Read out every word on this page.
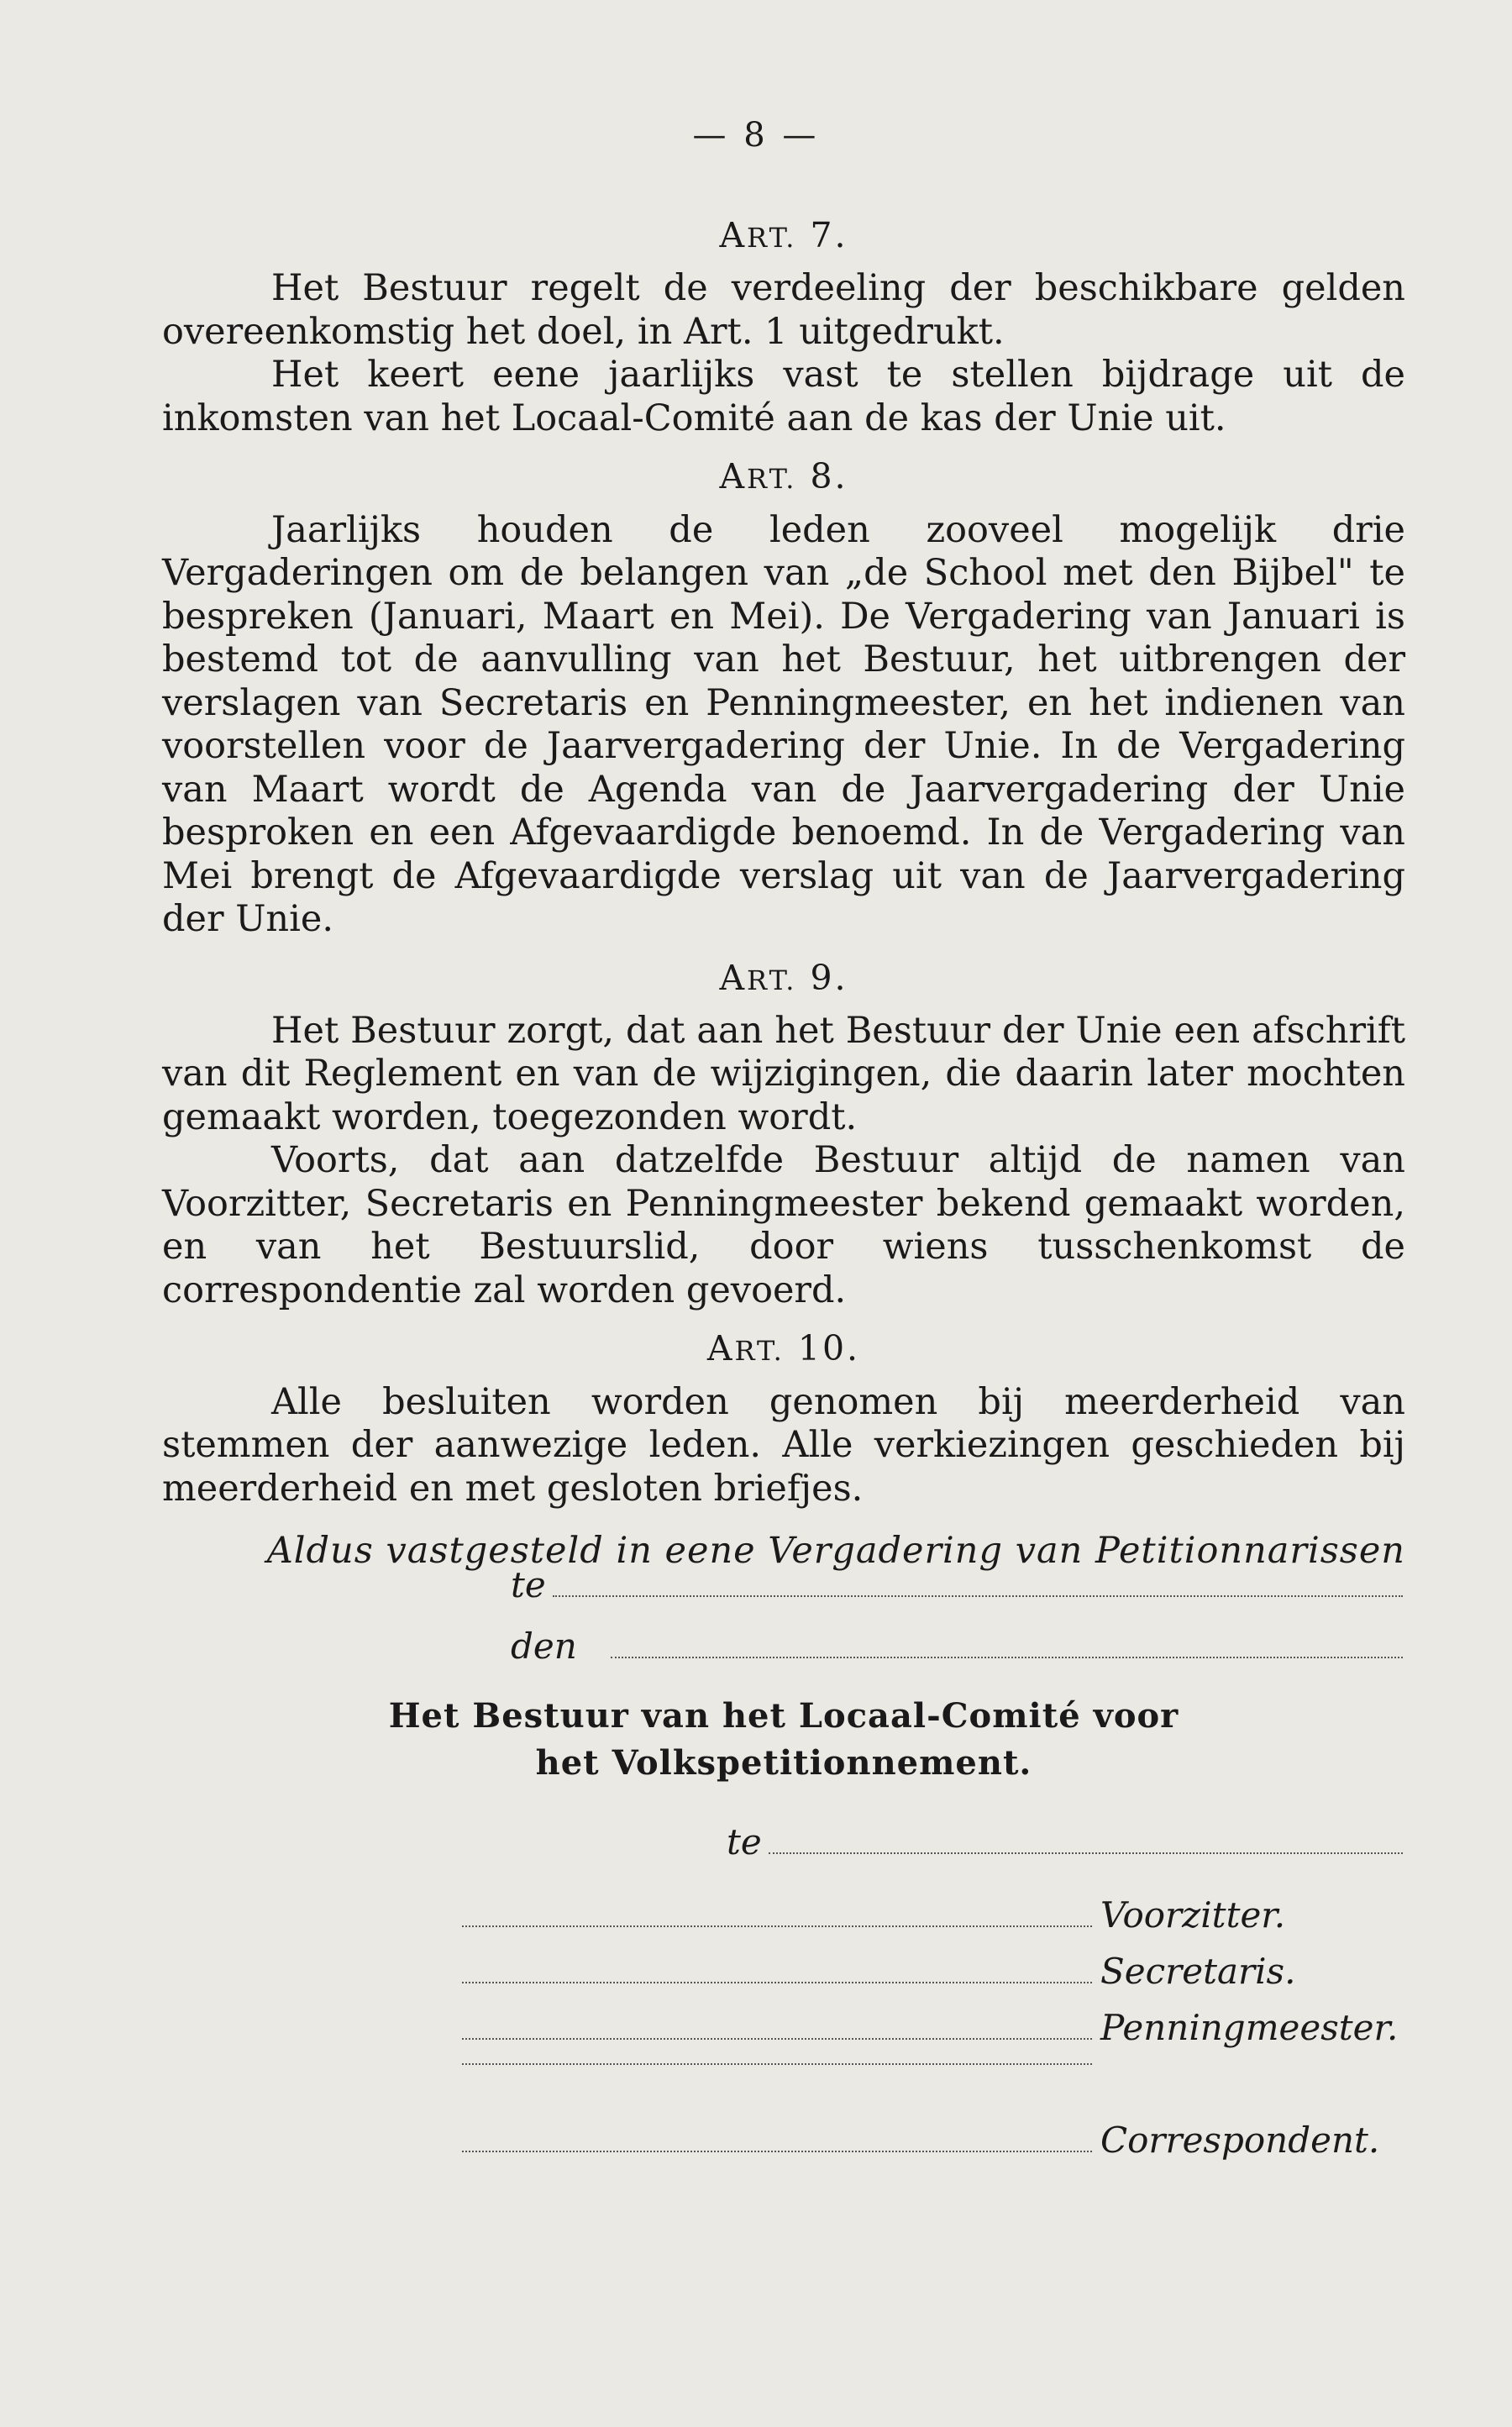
— 8 —
ART. 7.

Het Bestuur regelt de verdeeling der beschikbare gelden overeenkomstig het doel, in Art. 1 uitgedrukt.

Het keert eene jaarlijks vast te stellen bijdrage uit de inkomsten van het Locaal-Comité aan de kas der Unie uit.

ART. 8.

Jaarlijks houden de leden zooveel mogelijk drie Vergaderingen om de belangen van „de School met den Bijbel" te bespreken (Januari, Maart en Mei). De Vergadering van Januari is bestemd tot de aanvulling van het Bestuur, het uitbrengen der verslagen van Secretaris en Penningmeester, en het indienen van voorstellen voor de Jaarvergadering der Unie. In de Vergadering van Maart wordt de Agenda van de Jaarvergadering der Unie besproken en een Afgevaardigde benoemd. In de Vergadering van Mei brengt de Afgevaardigde verslag uit van de Jaarvergadering der Unie.

ART. 9.

Het Bestuur zorgt, dat aan het Bestuur der Unie een afschrift van dit Reglement en van de wijzigingen, die daarin later mochten gemaakt worden, toegezonden wordt.

Voorts, dat aan datzelfde Bestuur altijd de namen van Voorzitter, Secretaris en Penningmeester bekend gemaakt worden, en van het Bestuurslid, door wiens tusschenkomst de correspondentie zal worden gevoerd.

ART. 10.

Alle besluiten worden genomen bij meerderheid van stemmen der aanwezige leden. Alle verkiezingen geschieden bij meerderheid en met gesloten briefjes.

Aldus vastgesteld in eene Vergadering van Petitionnarissen
te
den
Het Bestuur van het Locaal-Comité voor
het Volkspetitionnement.
te
Voorzitter.
Secretaris.
Penningmeester.
Correspondent.
